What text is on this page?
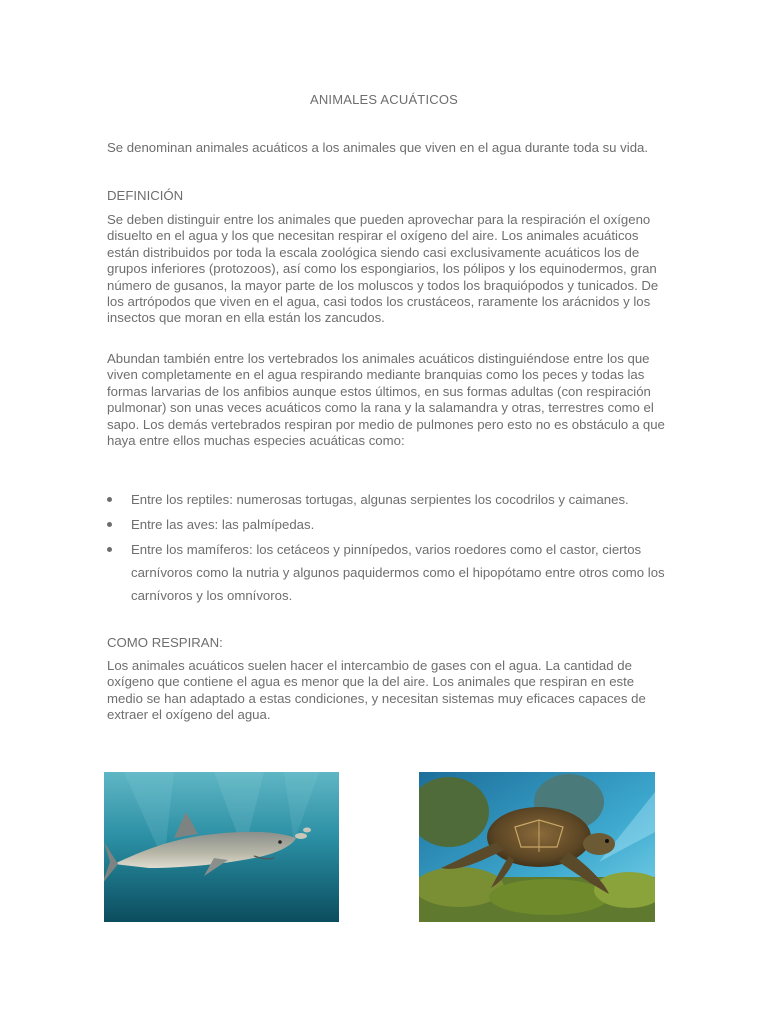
ANIMALES ACUÁTICOS

Se denominan animales acuáticos a los animales que viven en el agua durante toda su vida.

DEFINICIÓN

Se deben distinguir entre los animales que pueden aprovechar para la respiración el oxígeno disuelto en el agua y los que necesitan respirar el oxígeno del aire. Los animales acuáticos están distribuidos por toda la escala zoológica siendo casi exclusivamente acuáticos los de grupos inferiores (protozoos), así como los espongiarios, los pólipos y los equinodermos, gran número de gusanos, la mayor parte de los moluscos y todos los braquiópodos y tunicados. De los artrópodos que viven en el agua, casi todos los crustáceos, raramente los arácnidos y los insectos que moran en ella están los zancudos.

Abundan también entre los vertebrados los animales acuáticos distinguiéndose entre los que viven completamente en el agua respirando mediante branquias como los peces y todas las formas larvarias de los anfibios aunque estos últimos, en sus formas adultas (con respiración pulmonar) son unas veces acuáticos como la rana y la salamandra y otras, terrestres como el sapo. Los demás vertebrados respiran por medio de pulmones pero esto no es obstáculo a que haya entre ellos muchas especies acuáticas como:

Entre los reptiles: numerosas tortugas, algunas serpientes los cocodrilos y caimanes.
Entre las aves: las palmípedas.
Entre los mamíferos: los cetáceos y pinnípedos, varios roedores como el castor, ciertos carnívoros como la nutria y algunos paquidermos como el hipopótamo entre otros como los carnívoros y los omnívoros.
COMO RESPIRAN:

Los animales acuáticos suelen hacer el intercambio de gases con el agua. La cantidad de oxígeno que contiene el agua es menor que la del aire. Los animales que respiran en este medio se han adaptado a estas condiciones, y necesitan sistemas muy eficaces capaces de extraer el oxígeno del agua.
